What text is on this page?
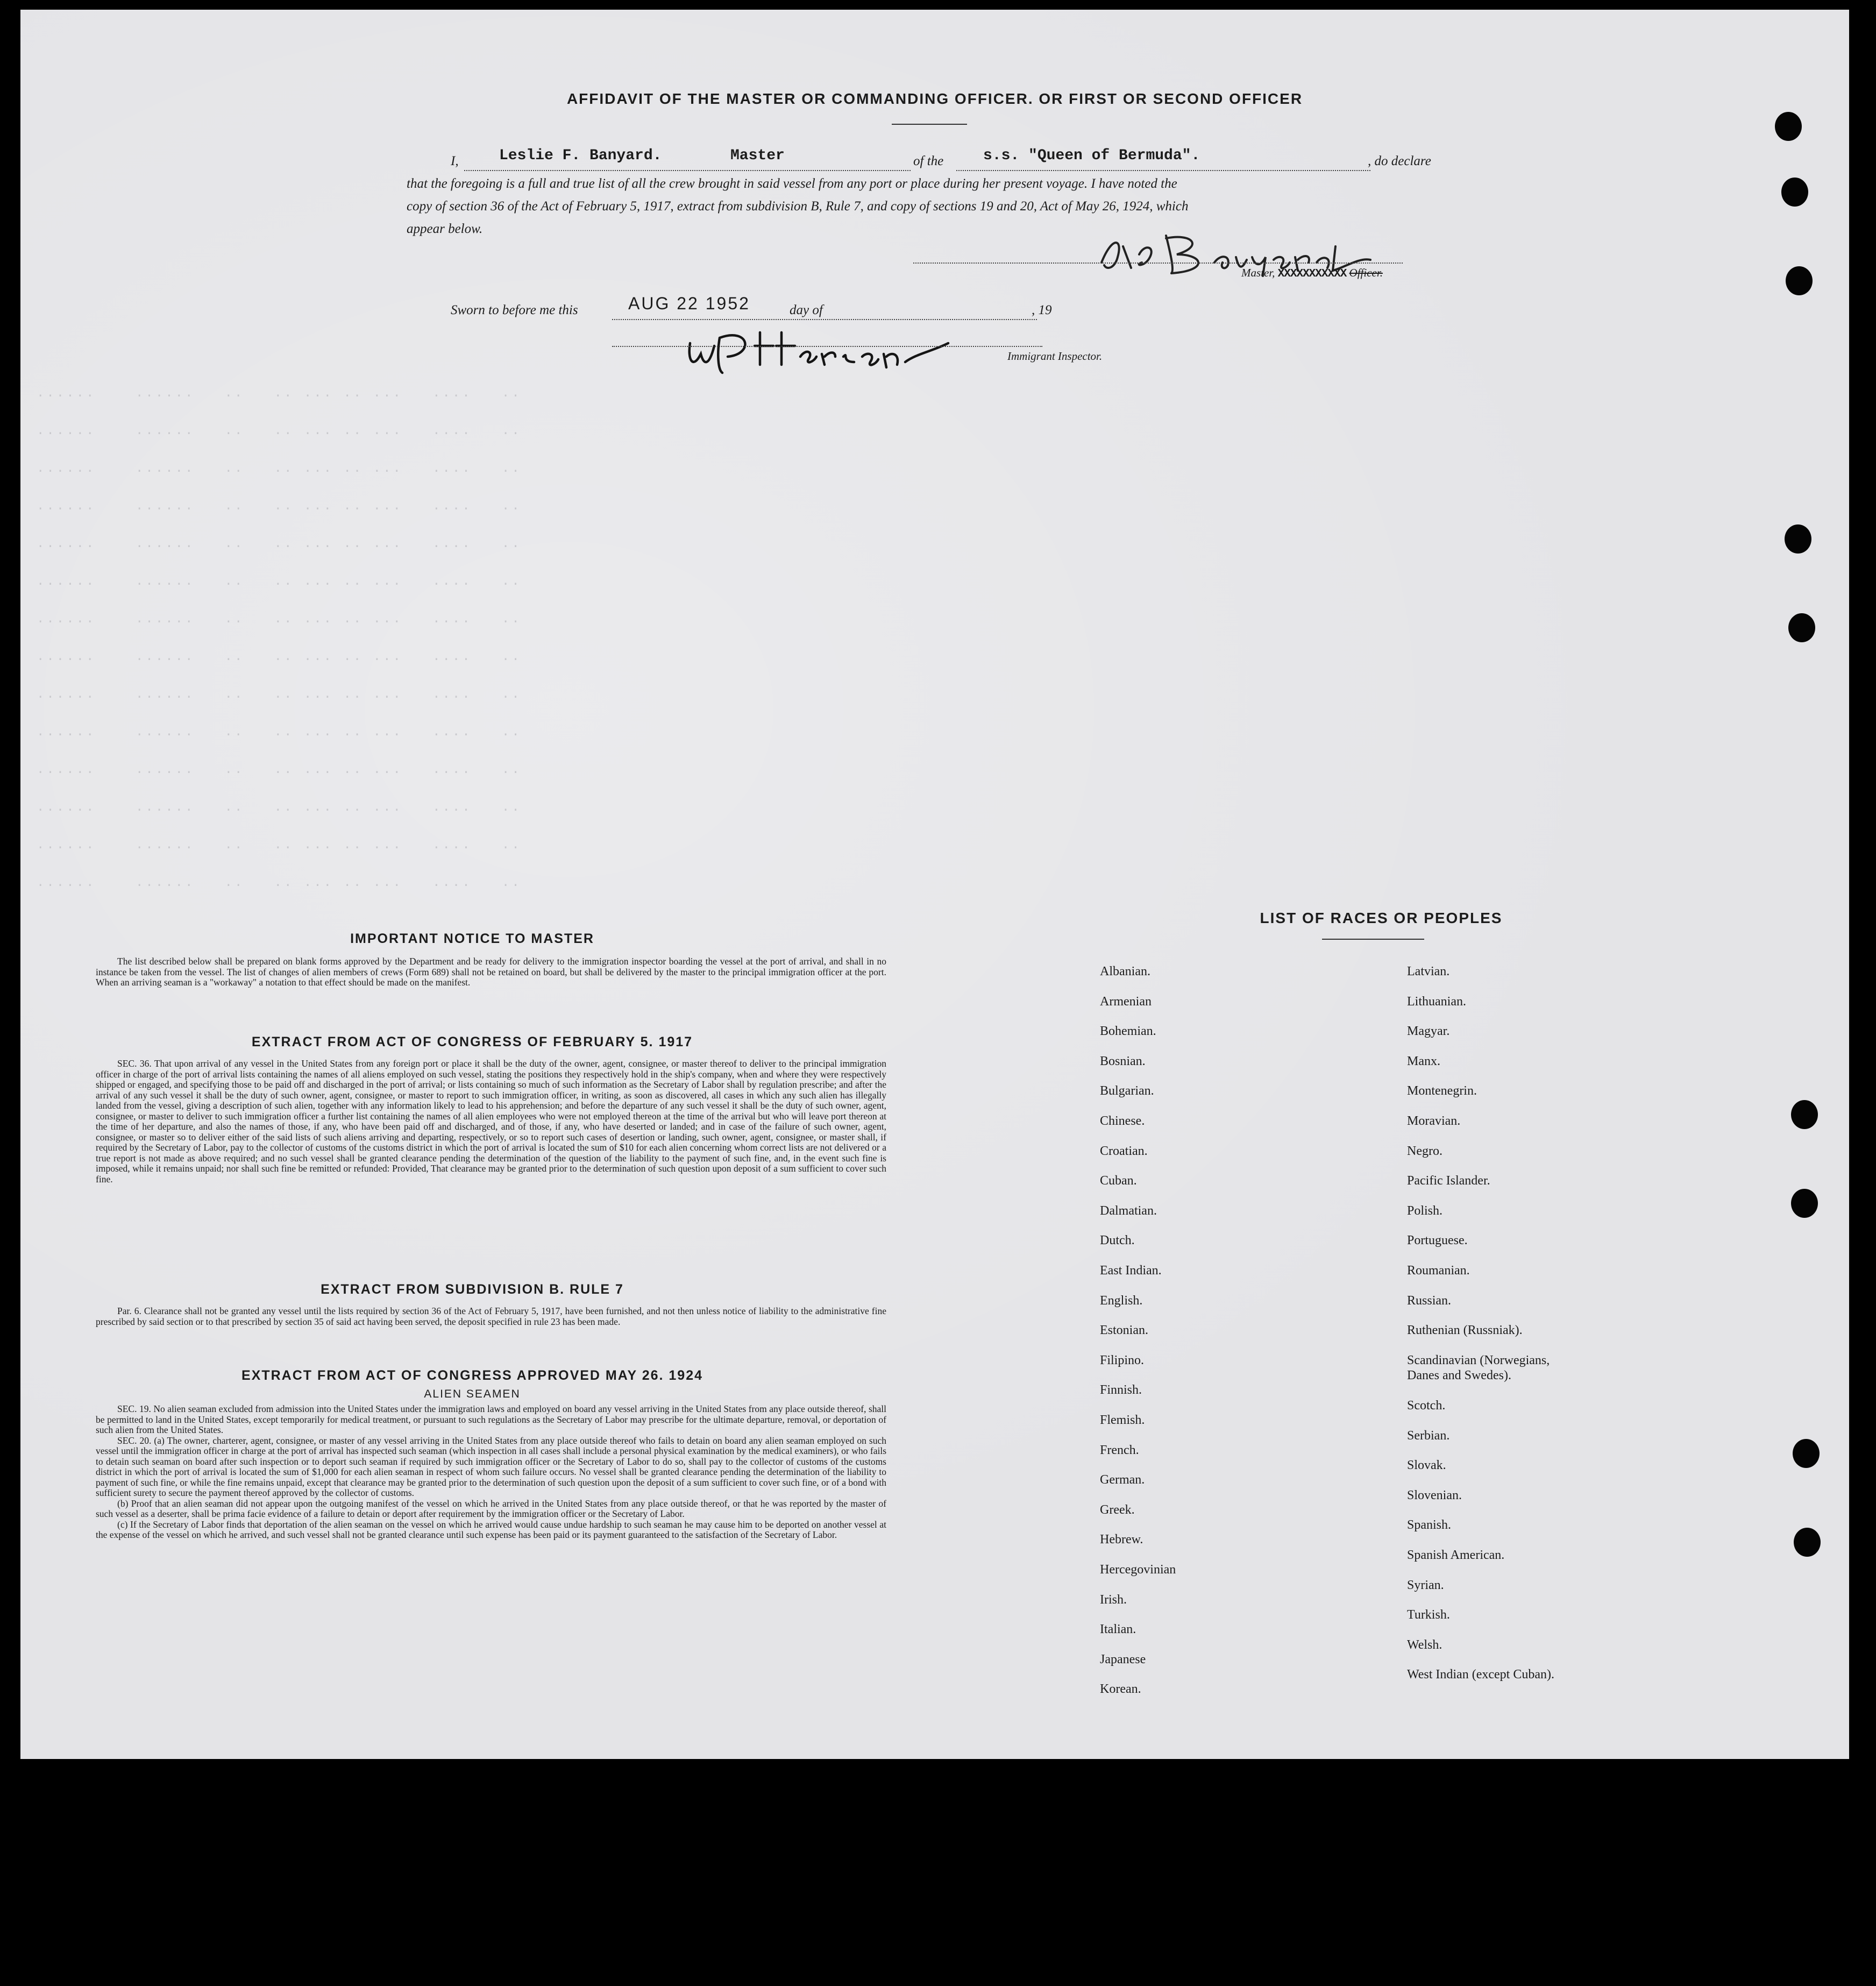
......    ......   ..   .. ... .. ...   ....   ..
......    ......   ..   .. ... .. ...   ....   ..
......    ......   ..   .. ... .. ...   ....   ..
......    ......   ..   .. ... .. ...   ....   ..
......    ......   ..   .. ... .. ...   ....   ..
......    ......   ..   .. ... .. ...   ....   ..
......    ......   ..   .. ... .. ...   ....   ..
......    ......   ..   .. ... .. ...   ....   ..
......    ......   ..   .. ... .. ...   ....   ..
......    ......   ..   .. ... .. ...   ....   ..
......    ......   ..   .. ... .. ...   ....   ..
......    ......   ..   .. ... .. ...   ....   ..
......    ......   ..   .. ... .. ...   ....   ..
......    ......   ..   .. ... .. ...   ....   ..
AFFIDAVIT OF THE MASTER OR COMMANDING OFFICER. OR FIRST OR SECOND OFFICER
I,	Leslie F. Banyard.	Master	of the	s.s. "Queen of Bermuda".	, do declare
that the foregoing is a full and true list of all the crew brought in said vessel from any port or place during her present voyage. I have noted the
copy of section 36 of the Act of February 5, 1917, extract from subdivision B, Rule 7, and copy of sections 19 and 20, Act of May 26, 1924, which
appear below.
Master, XXXXXXXXXXX Officer.
Sworn to before me this	AUG 22 1952	day of	, 19
Immigrant Inspector.
IMPORTANT NOTICE TO MASTER
The list described below shall be prepared on blank forms approved by the Department and be ready for delivery to the immigration inspector boarding the vessel at the port of arrival, and shall in no instance be taken from the vessel. The list of changes of alien members of crews (Form 689) shall not be retained on board, but shall be delivered by the master to the principal immigration officer at the port. When an arriving seaman is a "workaway" a notation to that effect should be made on the manifest.
EXTRACT FROM ACT OF CONGRESS OF FEBRUARY 5. 1917
SEC. 36. That upon arrival of any vessel in the United States from any foreign port or place it shall be the duty of the owner, agent, consignee, or master thereof to deliver to the principal immigration officer in charge of the port of arrival lists containing the names of all aliens employed on such vessel, stating the positions they respectively hold in the ship's company, when and where they were respectively shipped or engaged, and specifying those to be paid off and discharged in the port of arrival; or lists containing so much of such information as the Secretary of Labor shall by regulation prescribe; and after the arrival of any such vessel it shall be the duty of such owner, agent, consignee, or master to report to such immigration officer, in writing, as soon as discovered, all cases in which any such alien has illegally landed from the vessel, giving a description of such alien, together with any information likely to lead to his apprehension; and before the departure of any such vessel it shall be the duty of such owner, agent, consignee, or master to deliver to such immigration officer a further list containing the names of all alien employees who were not employed thereon at the time of the arrival but who will leave port thereon at the time of her departure, and also the names of those, if any, who have been paid off and discharged, and of those, if any, who have deserted or landed; and in case of the failure of such owner, agent, consignee, or master so to deliver either of the said lists of such aliens arriving and departing, respectively, or so to report such cases of desertion or landing, such owner, agent, consignee, or master shall, if required by the Secretary of Labor, pay to the collector of customs of the customs district in which the port of arrival is located the sum of $10 for each alien concerning whom correct lists are not delivered or a true report is not made as above required; and no such vessel shall be granted clearance pending the determination of the question of the liability to the payment of such fine, and, in the event such fine is imposed, while it remains unpaid; nor shall such fine be remitted or refunded: Provided, That clearance may be granted prior to the determination of such question upon deposit of a sum sufficient to cover such fine.
EXTRACT FROM SUBDIVISION B. RULE 7
Par. 6. Clearance shall not be granted any vessel until the lists required by section 36 of the Act of February 5, 1917, have been furnished, and not then unless notice of liability to the administrative fine prescribed by said section or to that prescribed by section 35 of said act having been served, the deposit specified in rule 23 has been made.
EXTRACT FROM ACT OF CONGRESS APPROVED MAY 26. 1924
ALIEN SEAMEN

SEC. 19. No alien seaman excluded from admission into the United States under the immigration laws and employed on board any vessel arriving in the United States from any place outside thereof, shall be permitted to land in the United States, except temporarily for medical treatment, or pursuant to such regulations as the Secretary of Labor may prescribe for the ultimate departure, removal, or deportation of such alien from the United States.

SEC. 20. (a) The owner, charterer, agent, consignee, or master of any vessel arriving in the United States from any place outside thereof who fails to detain on board any alien seaman employed on such vessel until the immigration officer in charge at the port of arrival has inspected such seaman (which inspection in all cases shall include a personal physical examination by the medical examiners), or who fails to detain such seaman on board after such inspection or to deport such seaman if required by such immigration officer or the Secretary of Labor to do so, shall pay to the collector of customs of the customs district in which the port of arrival is located the sum of $1,000 for each alien seaman in respect of whom such failure occurs. No vessel shall be granted clearance pending the determination of the liability to payment of such fine, or while the fine remains unpaid, except that clearance may be granted prior to the determination of such question upon the deposit of a sum sufficient to cover such fine, or of a bond with sufficient surety to secure the payment thereof approved by the collector of customs.

(b) Proof that an alien seaman did not appear upon the outgoing manifest of the vessel on which he arrived in the United States from any place outside thereof, or that he was reported by the master of such vessel as a deserter, shall be prima facie evidence of a failure to detain or deport after requirement by the immigration officer or the Secretary of Labor.

(c) If the Secretary of Labor finds that deportation of the alien seaman on the vessel on which he arrived would cause undue hardship to such seaman he may cause him to be deported on another vessel at the expense of the vessel on which he arrived, and such vessel shall not be granted clearance until such expense has been paid or its payment guaranteed to the satisfaction of the Secretary of Labor.

LIST OF RACES OR PEOPLES
Albanian.
Armenian
Bohemian.
Bosnian.
Bulgarian.
Chinese.
Croatian.
Cuban.
Dalmatian.
Dutch.
East Indian.
English.
Estonian.
Filipino.
Finnish.
Flemish.
French.
German.
Greek.
Hebrew.
Hercegovinian
Irish.
Italian.
Japanese
Korean.
Latvian.
Lithuanian.
Magyar.
Manx.
Montenegrin.
Moravian.
Negro.
Pacific Islander.
Polish.
Portuguese.
Roumanian.
Russian.
Ruthenian (Russniak).
Scandinavian (Norwegians,
Danes and Swedes).
Scotch.
Serbian.
Slovak.
Slovenian.
Spanish.
Spanish American.
Syrian.
Turkish.
Welsh.
West Indian (except Cuban).
